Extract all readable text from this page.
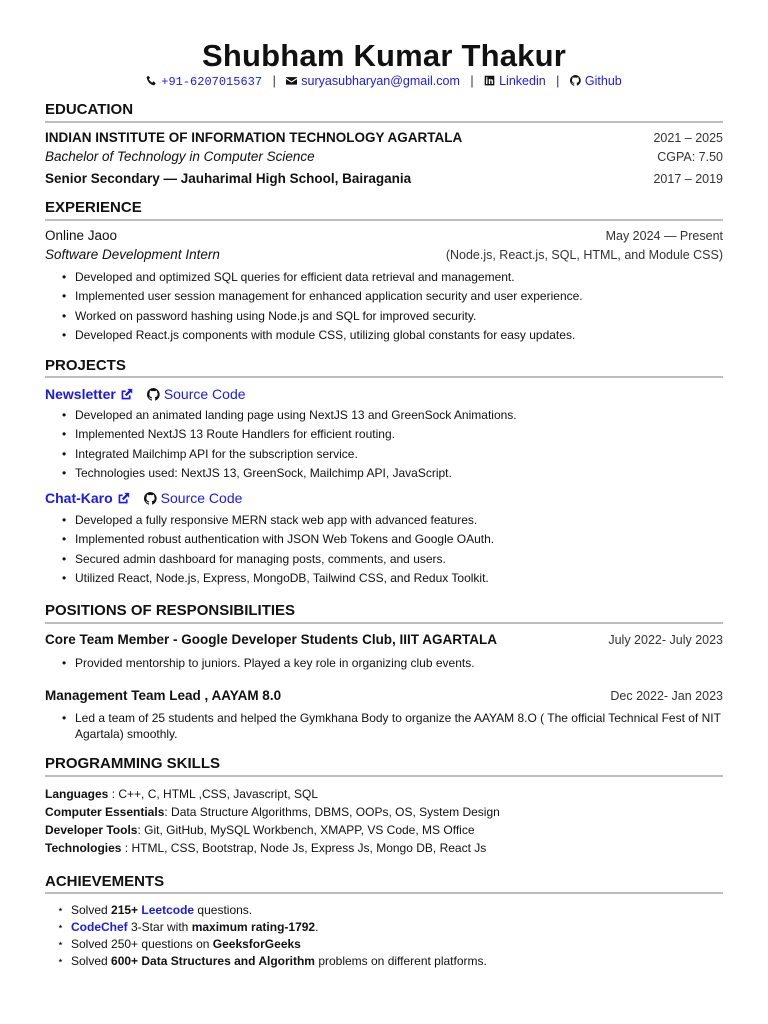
Shubham Kumar Thakur
+91-6207015637 | suryasubharyan@gmail.com | Linkedin | Github
EDUCATION
INDIAN INSTITUTE OF INFORMATION TECHNOLOGY AGARTALA	2021 – 2025
Bachelor of Technology in Computer Science	CGPA: 7.50
Senior Secondary — Jauharimal High School, Bairagania	2017 – 2019
EXPERIENCE
Online Jaoo	May 2024 — Present
Software Development Intern	(Node.js, React.js, SQL, HTML, and Module CSS)
• Developed and optimized SQL queries for efficient data retrieval and management.
• Implemented user session management for enhanced application security and user experience.
• Worked on password hashing using Node.js and SQL for improved security.
• Developed React.js components with module CSS, utilizing global constants for easy updates.
PROJECTS
Newsletter	Source Code
• Developed an animated landing page using NextJS 13 and GreenSock Animations.
• Implemented NextJS 13 Route Handlers for efficient routing.
• Integrated Mailchimp API for the subscription service.
• Technologies used: NextJS 13, GreenSock, Mailchimp API, JavaScript.
Chat-Karo	Source Code
• Developed a fully responsive MERN stack web app with advanced features.
• Implemented robust authentication with JSON Web Tokens and Google OAuth.
• Secured admin dashboard for managing posts, comments, and users.
• Utilized React, Node.js, Express, MongoDB, Tailwind CSS, and Redux Toolkit.
POSITIONS OF RESPONSIBILITIES
Core Team Member - Google Developer Students Club, IIIT AGARTALA	July 2022- July 2023
• Provided mentorship to juniors. Played a key role in organizing club events.
Management Team Lead , AAYAM 8.0	Dec 2022- Jan 2023
• Led a team of 25 students and helped the Gymkhana Body to organize the AAYAM 8.O ( The official Technical Fest of NIT Agartala) smoothly.
PROGRAMMING SKILLS
Languages : C++, C, HTML ,CSS, Javascript, SQL
Computer Essentials: Data Structure Algorithms, DBMS, OOPs, OS, System Design
Developer Tools: Git, GitHub, MySQL Workbench, XMAPP, VS Code, MS Office
Technologies : HTML, CSS, Bootstrap, Node Js, Express Js, Mongo DB, React Js
ACHIEVEMENTS
⋆ Solved 215+ Leetcode questions.
⋆ CodeChef 3-Star with maximum rating-1792.
⋆ Solved 250+ questions on GeeksforGeeks
⋆ Solved 600+ Data Structures and Algorithm problems on different platforms.
